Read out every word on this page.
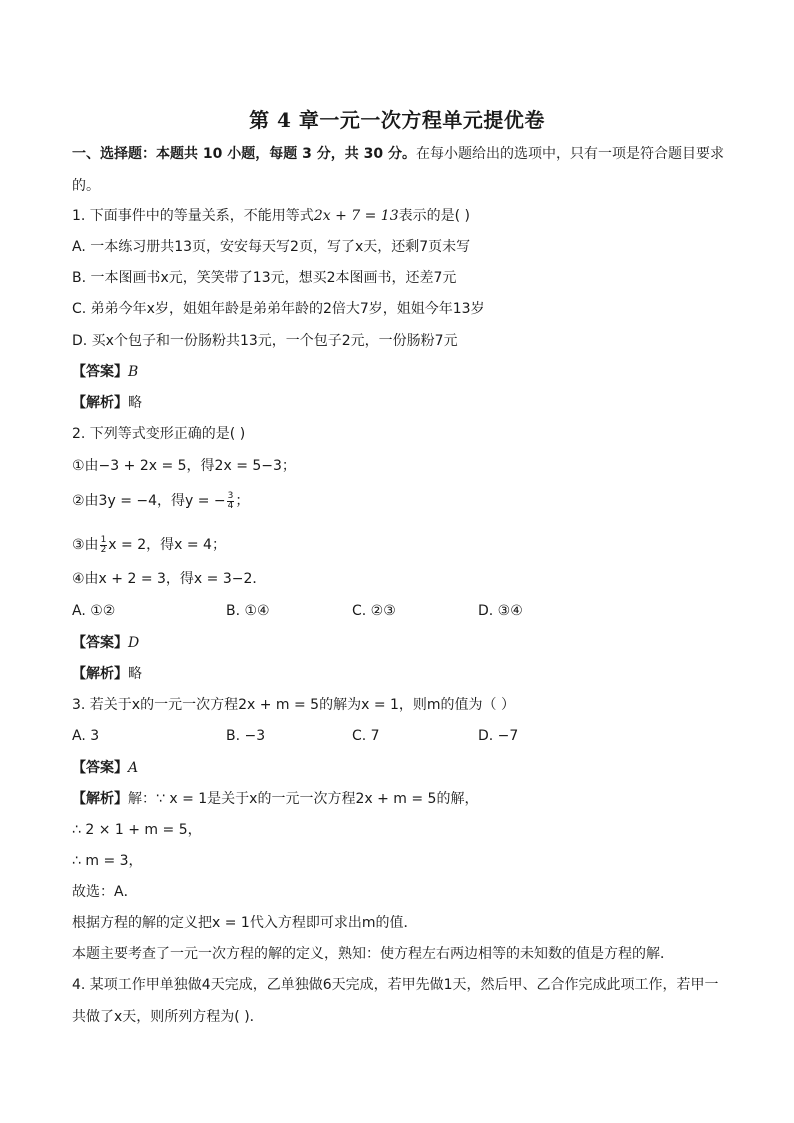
第 4 章一元一次方程单元提优卷
一、选择题：本题共 10 小题，每题 3 分，共 30 分。在每小题给出的选项中，只有一项是符合题目要求
的。
1. 下面事件中的等量关系，不能用等式2x + 7 = 13表示的是( )
A. 一本练习册共13页，安安每天写2页，写了x天，还剩7页未写
B. 一本图画书x元，笑笑带了13元，想买2本图画书，还差7元
C. 弟弟今年x岁，姐姐年龄是弟弟年龄的2倍大7岁，姐姐今年13岁
D. 买x个包子和一份肠粉共13元，一个包子2元，一份肠粉7元
【答案】B
【解析】略
2. 下列等式变形正确的是( )
①由−3 + 2x = 5，得2x = 5−3；
②由3y = −4，得y = − $\frac{3}{4}$ ；
③由 $\frac{1}{2}$ x = 2，得x = 4；
④由x + 2 = 3，得x = 3−2．
A. ①②	B. ①④	C. ②③	D. ③④
【答案】D
【解析】略
3. 若关于x的一元一次方程2x + m = 5的解为x = 1，则m的值为（ ）
A. 3	B. −3	C. 7	D. −7
【答案】A
【解析】解：∵ x = 1是关于x的一元一次方程2x + m = 5的解，
∴ 2 × 1 + m = 5，
∴ m = 3，
故选：A．
根据方程的解的定义把x = 1代入方程即可求出m的值．
本题主要考查了一元一次方程的解的定义，熟知：使方程左右两边相等的未知数的值是方程的解．
4. 某项工作甲单独做4天完成，乙单独做6天完成，若甲先做1天，然后甲、乙合作完成此项工作，若甲一
共做了x天，则所列方程为( )．
